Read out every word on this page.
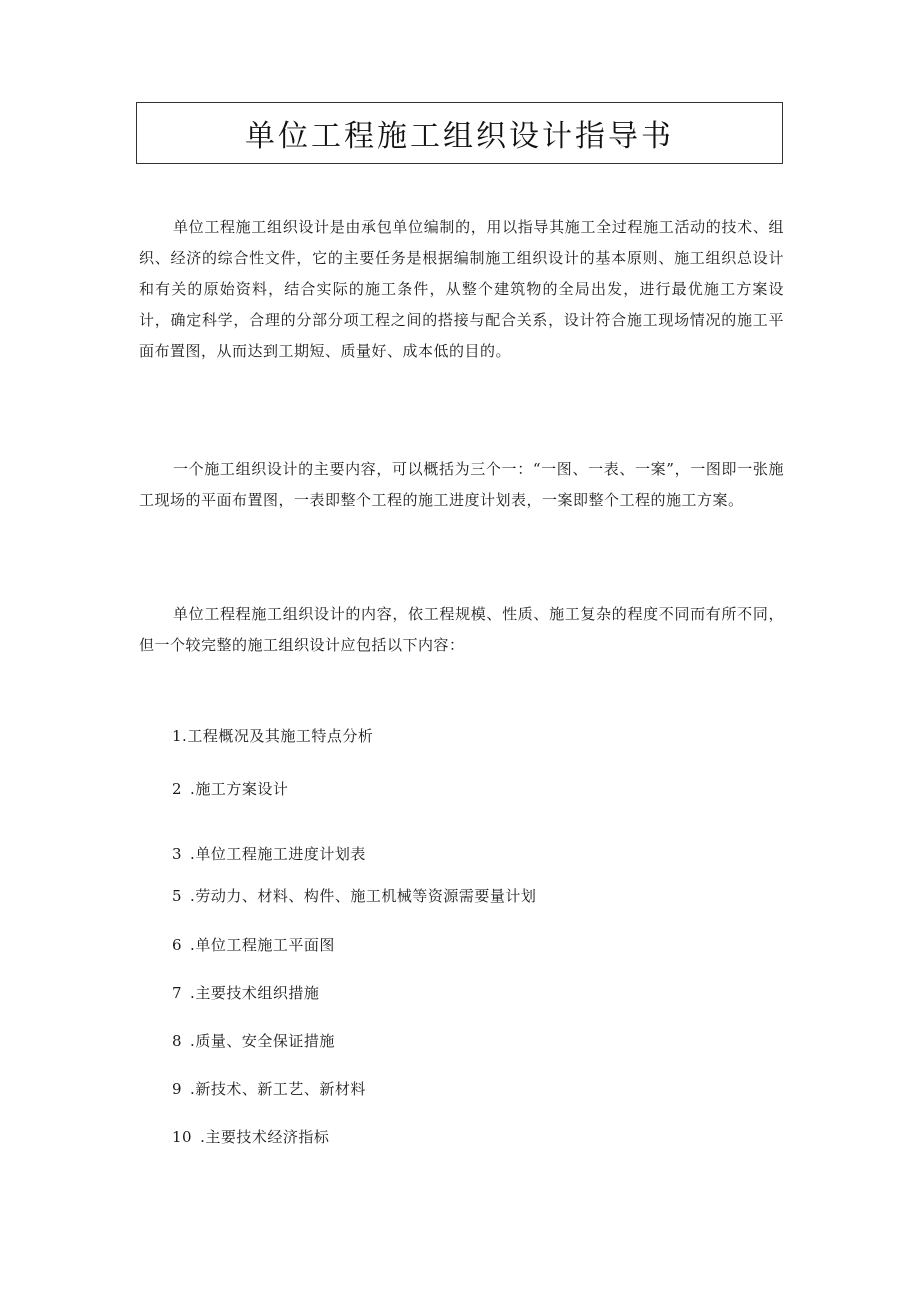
单位工程施工组织设计指导书

单位工程施工组织设计是由承包单位编制的，用以指导其施工全过程施工活动的技术、组织、经济的综合性文件，它的主要任务是根据编制施工组织设计的基本原则、施工组织总设计和有关的原始资料，结合实际的施工条件，从整个建筑物的全局出发，进行最优施工方案设计，确定科学，合理的分部分项工程之间的搭接与配合关系，设计符合施工现场情况的施工平面布置图，从而达到工期短、质量好、成本低的目的。

一个施工组织设计的主要内容，可以概括为三个一：“一图、一表、一案”，一图即一张施工现场的平面布置图，一表即整个工程的施工进度计划表，一案即整个工程的施工方案。

单位工程程施工组织设计的内容，依工程规模、性质、施工复杂的程度不同而有所不同，但一个较完整的施工组织设计应包括以下内容：

1.工程概况及其施工特点分析
2 .施工方案设计
3 .单位工程施工进度计划表
5 .劳动力、材料、构件、施工机械等资源需要量计划
6 .单位工程施工平面图
7 .主要技术组织措施
8 .质量、安全保证措施
9 .新技术、新工艺、新材料
10 .主要技术经济指标
